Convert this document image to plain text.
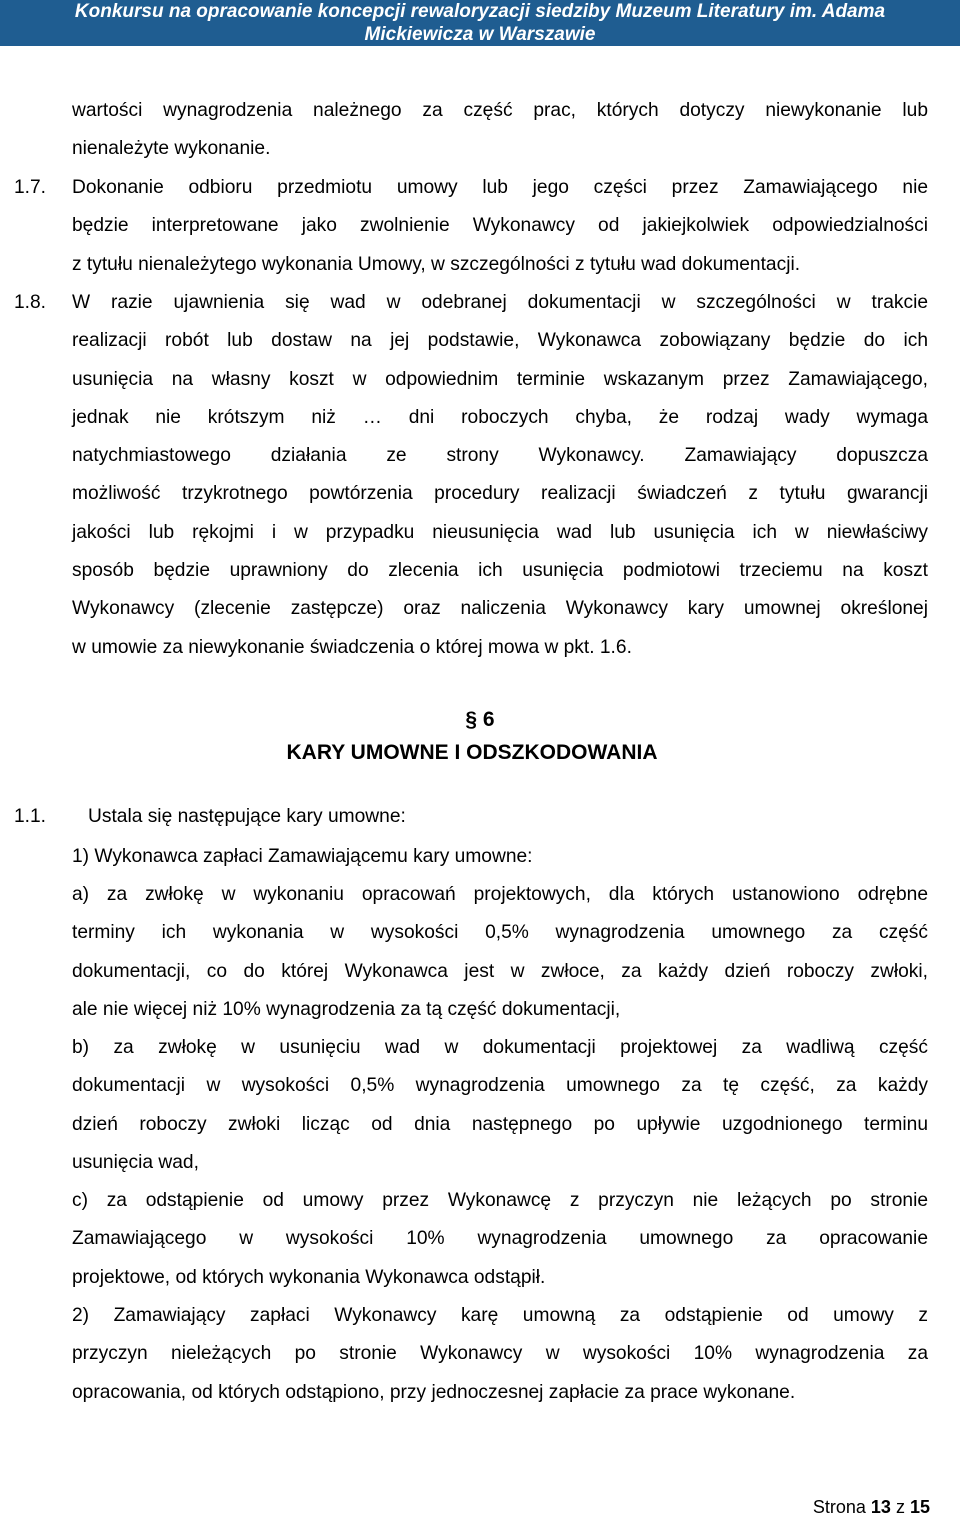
Konkursu na opracowanie koncepcji rewaloryzacji siedziby Muzeum Literatury im. Adama
Mickiewicza w Warszawie
wartości wynagrodzenia należnego za część prac, których dotyczy niewykonanie lub
nienależyte wykonanie.
1.7. Dokonanie odbioru przedmiotu umowy lub jego części przez Zamawiającego nie
będzie interpretowane jako zwolnienie Wykonawcy od jakiejkolwiek odpowiedzialności
z tytułu nienależytego wykonania Umowy, w szczególności z tytułu wad dokumentacji.
1.8. W razie ujawnienia się wad w odebranej dokumentacji w szczególności w trakcie
realizacji robót lub dostaw na jej podstawie, Wykonawca zobowiązany będzie do ich
usunięcia na własny koszt w odpowiednim terminie wskazanym przez Zamawiającego,
jednak nie krótszym niż … dni roboczych chyba, że rodzaj wady wymaga
natychmiastowego działania ze strony Wykonawcy. Zamawiający dopuszcza
możliwość trzykrotnego powtórzenia procedury realizacji świadczeń z tytułu gwarancji
jakości lub rękojmi i w przypadku nieusunięcia wad lub usunięcia ich w niewłaściwy
sposób będzie uprawniony do zlecenia ich usunięcia podmiotowi trzeciemu na koszt
Wykonawcy (zlecenie zastępcze) oraz naliczenia Wykonawcy kary umownej określonej
w umowie za niewykonanie świadczenia o której mowa w pkt. 1.6.
§ 6
KARY UMOWNE I ODSZKODOWANIA
1.1. Ustala się następujące kary umowne:
1) Wykonawca zapłaci Zamawiającemu kary umowne:
a) za zwłokę w wykonaniu opracowań projektowych, dla których ustanowiono odrębne
terminy ich wykonania w wysokości 0,5% wynagrodzenia umownego za część
dokumentacji, co do której Wykonawca jest w zwłoce, za każdy dzień roboczy zwłoki,
ale nie więcej niż 10% wynagrodzenia za tą część dokumentacji,
b) za zwłokę w usunięciu wad w dokumentacji projektowej za wadliwą część
dokumentacji w wysokości 0,5% wynagrodzenia umownego za tę część, za każdy
dzień roboczy zwłoki licząc od dnia następnego po upływie uzgodnionego terminu
usunięcia wad,
c) za odstąpienie od umowy przez Wykonawcę z przyczyn nie leżących po stronie
Zamawiającego w wysokości 10% wynagrodzenia umownego za opracowanie
projektowe, od których wykonania Wykonawca odstąpił.
2) Zamawiający zapłaci Wykonawcy karę umowną za odstąpienie od umowy z
przyczyn nieleżących po stronie Wykonawcy w wysokości 10% wynagrodzenia za
opracowania, od których odstąpiono, przy jednoczesnej zapłacie za prace wykonane.
Strona 13 z 15
